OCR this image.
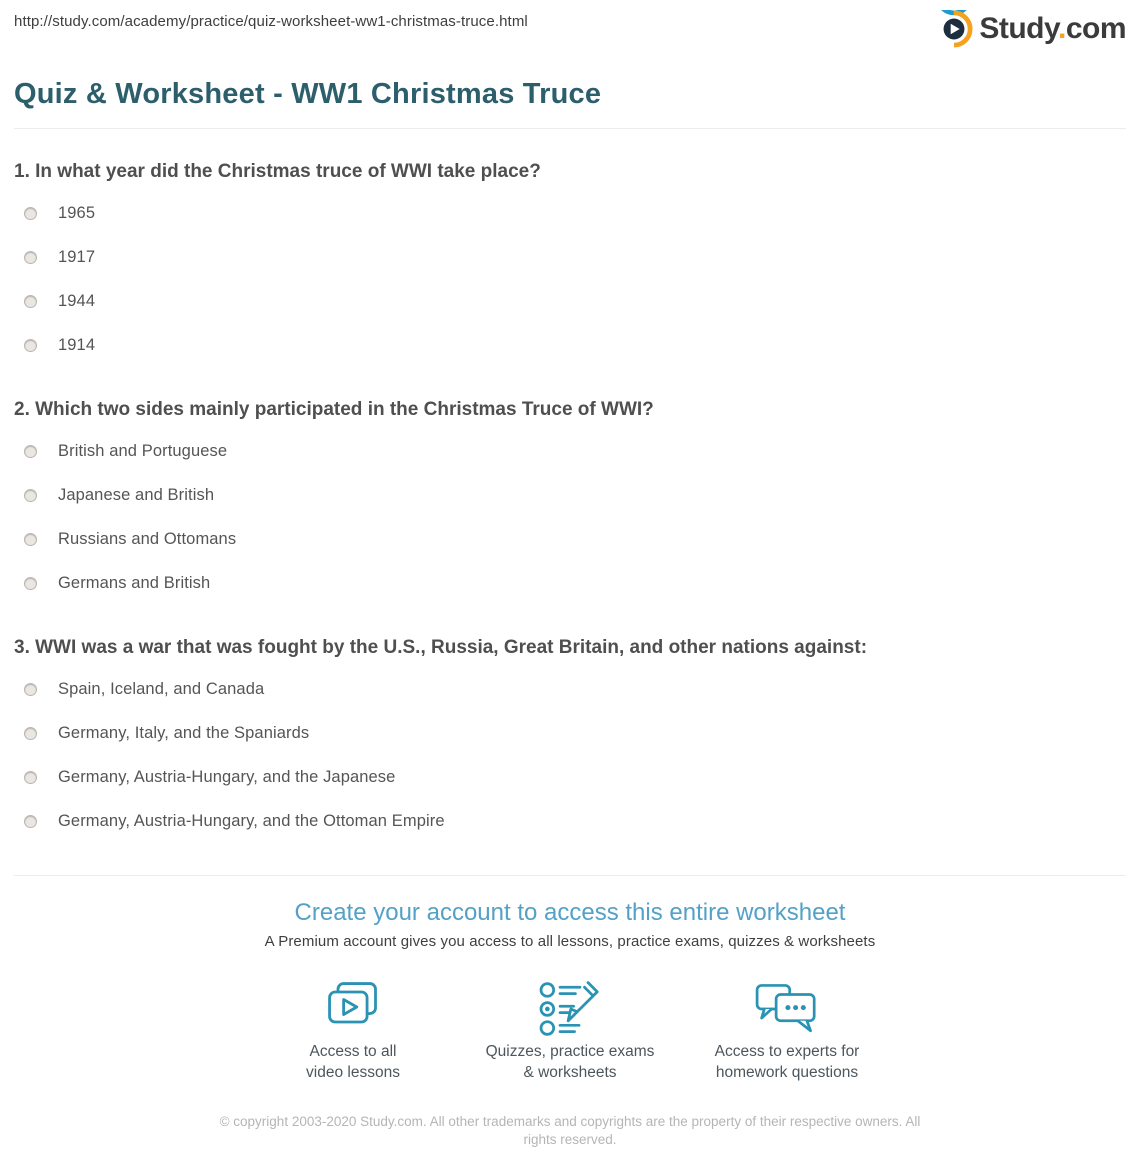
http://study.com/academy/practice/quiz-worksheet-ww1-christmas-truce.html	Study.com
Quiz & Worksheet - WW1 Christmas Truce
1. In what year did the Christmas truce of WWI take place?
1965
1917
1944
1914
2. Which two sides mainly participated in the Christmas Truce of WWI?
British and Portuguese
Japanese and British
Russians and Ottomans
Germans and British
3. WWI was a war that was fought by the U.S., Russia, Great Britain, and other nations against:
Spain, Iceland, and Canada
Germany, Italy, and the Spaniards
Germany, Austria-Hungary, and the Japanese
Germany, Austria-Hungary, and the Ottoman Empire
Create your account to access this entire worksheet
A Premium account gives you access to all lessons, practice exams, quizzes & worksheets
Access to all
video lessons
Quizzes, practice exams
& worksheets
Access to experts for
homework questions
© copyright 2003-2020 Study.com. All other trademarks and copyrights are the property of their respective owners. All rights reserved.
